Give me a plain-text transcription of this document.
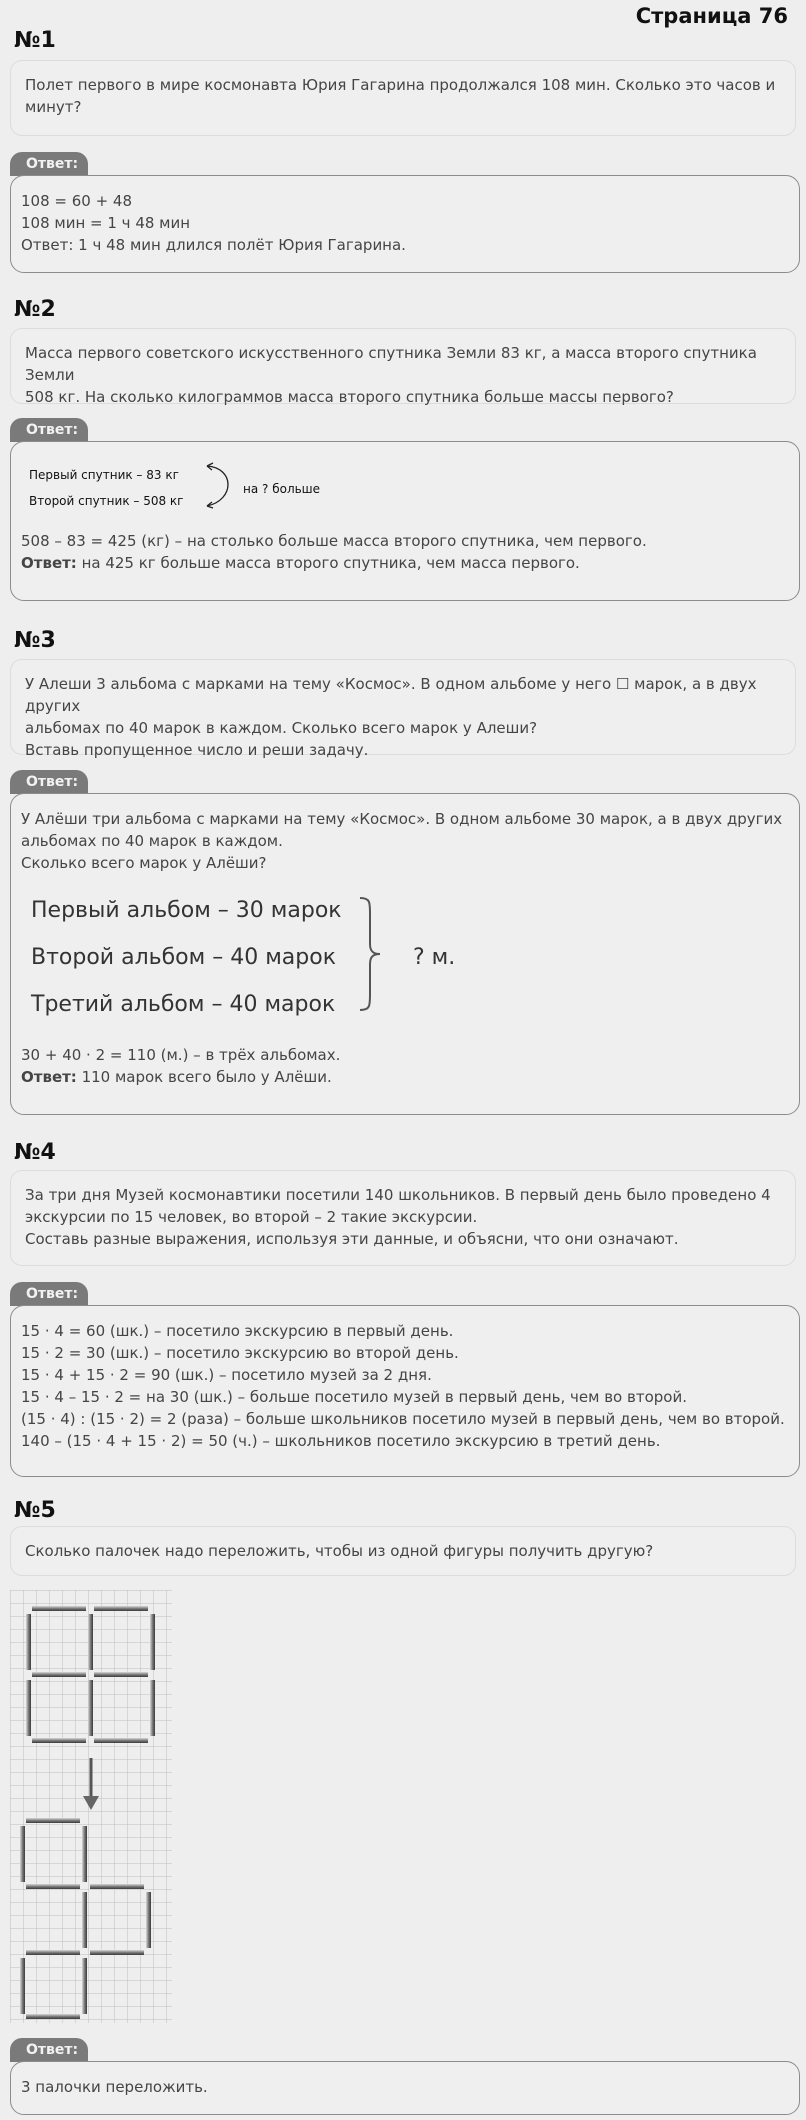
Страница 76
№1
Полет первого в мире космонавта Юрия Гагарина продолжался 108 мин. Сколько это часов и
минут?
Ответ:
108 = 60 + 48
108 мин = 1 ч 48 мин
Ответ: 1 ч 48 мин длился полёт Юрия Гагарина.
№2
Масса первого советского искусственного спутника Земли 83 кг, а масса второго спутника Земли
508 кг. На сколько килограммов масса второго спутника больше массы первого?
Ответ:
Первый спутник – 83 кг
Второй спутник – 508 кг
на ? больше
508 – 83 = 425 (кг) – на столько больше масса второго спутника, чем первого.
Ответ: на 425 кг больше масса второго спутника, чем масса первого.
№3
У Алеши 3 альбома с марками на тему «Космос». В одном альбоме у него ☐ марок, а в двух других
альбомах по 40 марок в каждом. Сколько всего марок у Алеши?
Вставь пропущенное число и реши задачу.
Ответ:
У Алёши три альбома с марками на тему «Космос». В одном альбоме 30 марок, а в двух других
альбомах по 40 марок в каждом.
Сколько всего марок у Алёши?
Первый альбом – 30 марок
Второй альбом – 40 марок
Третий альбом – 40 марок
? м.
30 + 40 · 2 = 110 (м.) – в трёх альбомах.
Ответ: 110 марок всего было у Алёши.
№4
За три дня Музей космонавтики посетили 140 школьников. В первый день было проведено 4
экскурсии по 15 человек, во второй – 2 такие экскурсии.
Составь разные выражения, используя эти данные, и объясни, что они означают.
Ответ:
15 · 4 = 60 (шк.) – посетило экскурсию в первый день.
15 · 2 = 30 (шк.) – посетило экскурсию во второй день.
15 · 4 + 15 · 2 = 90 (шк.) – посетило музей за 2 дня.
15 · 4 – 15 · 2 = на 30 (шк.) – больше посетило музей в первый день, чем во второй.
(15 · 4) : (15 · 2) = 2 (раза) – больше школьников посетило музей в первый день, чем во второй.
140 – (15 · 4 + 15 · 2) = 50 (ч.) – школьников посетило экскурсию в третий день.
№5
Сколько палочек надо переложить, чтобы из одной фигуры получить другую?
Ответ:
3 палочки переложить.
